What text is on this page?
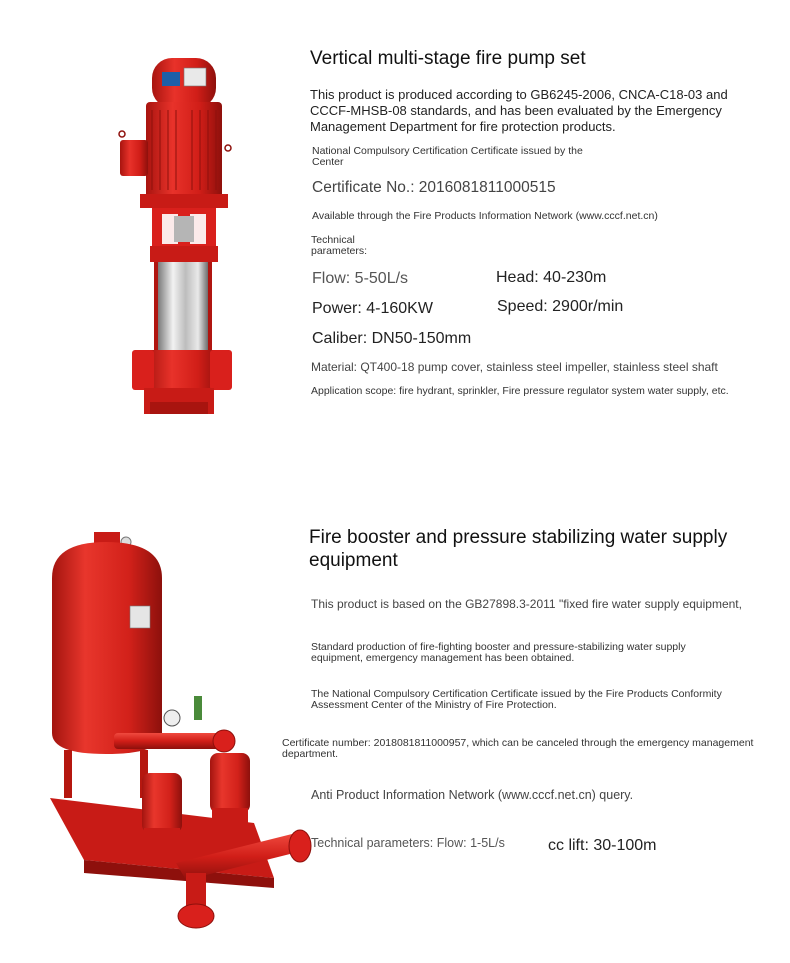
Vertical multi-stage fire pump set
This product is produced according to GB6245-2006, CNCA-C18-03 and CCCF-MHSB-08 standards, and has been evaluated by the Emergency Management Department for fire protection products.
National Compulsory Certification Certificate issued by the Center
Certificate No.: 2016081811000515
Available through the Fire Products Information Network (www.cccf.net.cn)
Technical parameters:
Flow: 5-50L/s	Head: 40-230m
Power: 4-160KW	Speed: 2900r/min
Caliber: DN50-150mm
Material: QT400-18 pump cover, stainless steel impeller, stainless steel shaft
Application scope: fire hydrant, sprinkler, Fire pressure regulator system water supply, etc.
Fire booster and pressure stabilizing water supply equipment
This product is based on the GB27898.3-2011 "fixed fire water supply equipment,
Standard production of fire-fighting booster and pressure-stabilizing water supply equipment, emergency management has been obtained.
The National Compulsory Certification Certificate issued by the Fire Products Conformity Assessment Center of the Ministry of Fire Protection.
Certificate number: 2018081811000957, which can be canceled through the emergency management department.
Anti Product Information Network (www.cccf.net.cn) query.
Technical parameters: Flow: 1-5L/s	cc lift: 30-100m
